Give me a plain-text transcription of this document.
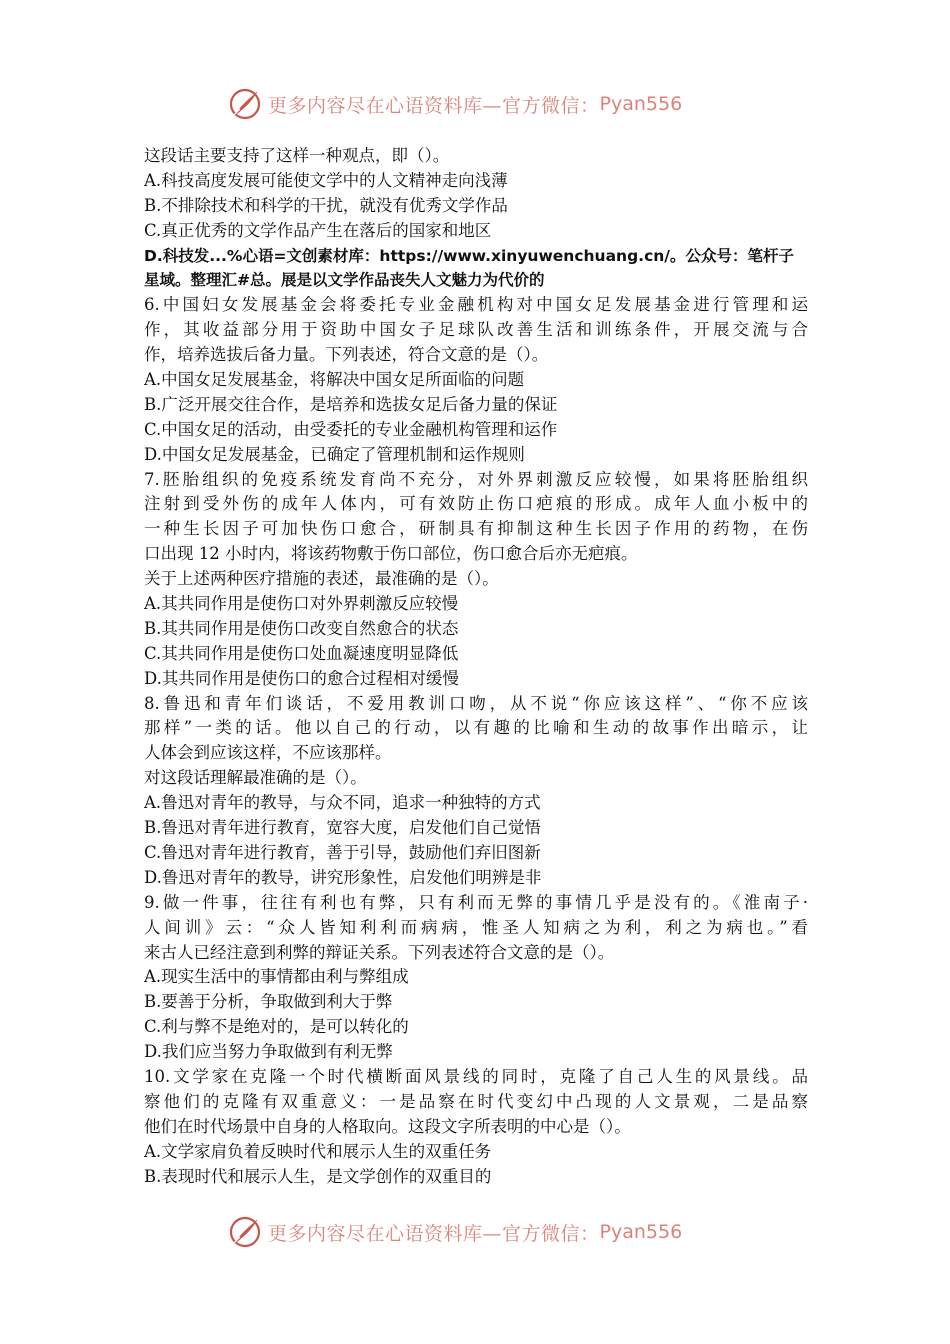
更多内容尽在心语资料库—官方微信： Pyan556
这段话主要支持了这样一种观点，即（）。
A.科技高度发展可能使文学中的人文精神走向浅薄
B.不排除技术和科学的干扰，就没有优秀文学作品
C.真正优秀的文学作品产生在落后的国家和地区
D.科技发...%心语=文创素材库：https://www.xinyuwenchuang.cn/。公众号：笔杆子
星域。整理汇#总。展是以文学作品丧失人文魅力为代价的
6.中国妇女发展基金会将委托专业金融机构对中国女足发展基金进行管理和运
作，其收益部分用于资助中国女子足球队改善生活和训练条件，开展交流与合
作，培养选拔后备力量。下列表述，符合文意的是（）。
A.中国女足发展基金，将解决中国女足所面临的问题
B.广泛开展交往合作，是培养和选拔女足后备力量的保证
C.中国女足的活动，由受委托的专业金融机构管理和运作
D.中国女足发展基金，已确定了管理机制和运作规则
7.胚胎组织的免疫系统发育尚不充分，对外界刺激反应较慢，如果将胚胎组织
注射到受外伤的成年人体内，可有效防止伤口疤痕的形成。成年人血小板中的
一种生长因子可加快伤口愈合，研制具有抑制这种生长因子作用的药物，在伤
口出现 12 小时内，将该药物敷于伤口部位，伤口愈合后亦无疤痕。
关于上述两种医疗措施的表述，最准确的是（）。
A.其共同作用是使伤口对外界刺激反应较慢
B.其共同作用是使伤口改变自然愈合的状态
C.其共同作用是使伤口处血凝速度明显降低
D.其共同作用是使伤口的愈合过程相对缓慢
8.鲁迅和青年们谈话，不爱用教训口吻，从不说“你应该这样”、“你不应该
那样”一类的话。他以自己的行动，以有趣的比喻和生动的故事作出暗示，让
人体会到应该这样，不应该那样。
对这段话理解最准确的是（）。
A.鲁迅对青年的教导，与众不同，追求一种独特的方式
B.鲁迅对青年进行教育，宽容大度，启发他们自己觉悟
C.鲁迅对青年进行教育，善于引导，鼓励他们弃旧图新
D.鲁迅对青年的教导，讲究形象性，启发他们明辨是非
9.做一件事，往往有利也有弊，只有利而无弊的事情几乎是没有的。《淮南子·
人间训》云：“众人皆知利利而病病，惟圣人知病之为利，利之为病也。”看
来古人已经注意到利弊的辩证关系。下列表述符合文意的是（）。
A.现实生活中的事情都由利与弊组成
B.要善于分析，争取做到利大于弊
C.利与弊不是绝对的，是可以转化的
D.我们应当努力争取做到有利无弊
10.文学家在克隆一个时代横断面风景线的同时，克隆了自己人生的风景线。品
察他们的克隆有双重意义：一是品察在时代变幻中凸现的人文景观，二是品察
他们在时代场景中自身的人格取向。这段文字所表明的中心是（）。
A.文学家肩负着反映时代和展示人生的双重任务
B.表现时代和展示人生，是文学创作的双重目的
更多内容尽在心语资料库—官方微信： Pyan556
